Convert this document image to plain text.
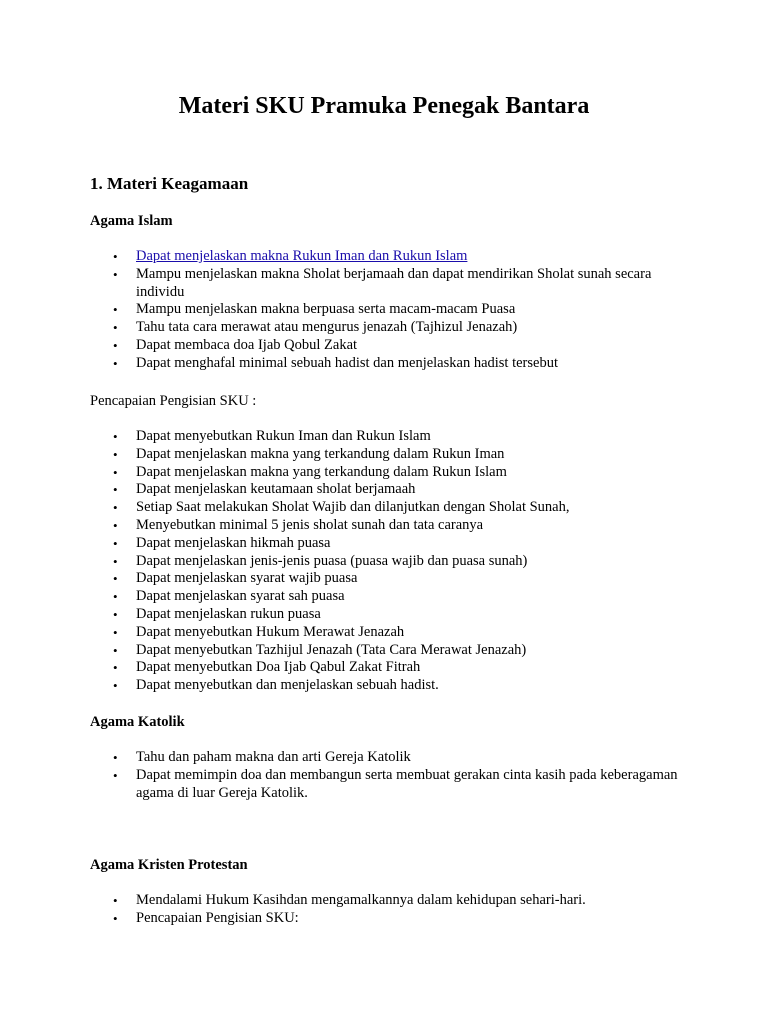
Materi SKU Pramuka Penegak Bantara
1. Materi Keagamaan
Agama Islam
• Dapat menjelaskan makna Rukun Iman dan Rukun Islam
• Mampu menjelaskan makna Sholat berjamaah dan dapat mendirikan Sholat sunah secara individu
• Mampu menjelaskan makna berpuasa serta macam-macam Puasa
• Tahu tata cara merawat atau mengurus jenazah (Tajhizul Jenazah)
• Dapat membaca doa Ijab Qobul Zakat
• Dapat menghafal minimal sebuah hadist dan menjelaskan hadist tersebut

Pencapaian Pengisian SKU :

• Dapat menyebutkan Rukun Iman dan Rukun Islam
• Dapat menjelaskan makna yang terkandung dalam Rukun Iman
• Dapat menjelaskan makna yang terkandung dalam Rukun Islam
• Dapat menjelaskan keutamaan sholat berjamaah
• Setiap Saat melakukan Sholat Wajib dan dilanjutkan dengan Sholat Sunah,
• Menyebutkan minimal 5 jenis sholat sunah dan tata caranya
• Dapat menjelaskan hikmah puasa
• Dapat menjelaskan jenis-jenis puasa (puasa wajib dan puasa sunah)
• Dapat menjelaskan syarat wajib puasa
• Dapat menjelaskan syarat sah puasa
• Dapat menjelaskan rukun puasa
• Dapat menyebutkan Hukum Merawat Jenazah
• Dapat menyebutkan Tazhijul Jenazah (Tata Cara Merawat Jenazah)
• Dapat menyebutkan Doa Ijab Qabul Zakat Fitrah
• Dapat menyebutkan dan menjelaskan sebuah hadist.
Agama Katolik
• Tahu dan paham makna dan arti Gereja Katolik
• Dapat memimpin doa dan membangun serta membuat gerakan cinta kasih pada keberagaman agama di luar Gereja Katolik.
Agama Kristen Protestan
• Mendalami Hukum Kasihdan mengamalkannya dalam kehidupan sehari-hari.
• Pencapaian Pengisian SKU:
